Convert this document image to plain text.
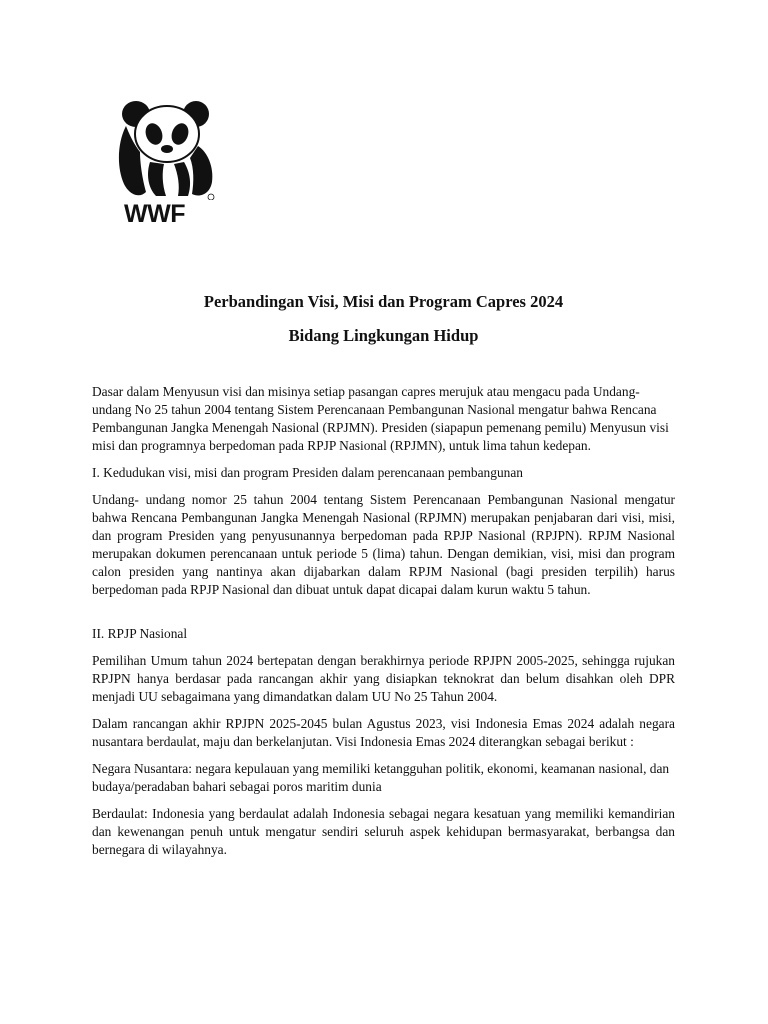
WWF
Perbandingan Visi, Misi dan Program Capres 2024
Bidang Lingkungan Hidup

Dasar dalam Menyusun visi dan misinya setiap pasangan capres merujuk atau mengacu pada Undang-undang No 25 tahun 2004 tentang Sistem Perencanaan Pembangunan Nasional mengatur bahwa Rencana Pembangunan Jangka Menengah Nasional (RPJMN). Presiden (siapapun pemenang pemilu) Menyusun visi misi dan programnya berpedoman pada RPJP Nasional (RPJMN), untuk lima tahun kedepan.

I. Kedudukan visi, misi dan program Presiden dalam perencanaan pembangunan

Undang- undang nomor 25 tahun 2004 tentang Sistem Perencanaan Pembangunan Nasional mengatur bahwa Rencana Pembangunan Jangka Menengah Nasional (RPJMN) merupakan penjabaran dari visi, misi, dan program Presiden yang penyusunannya berpedoman pada RPJP Nasional (RPJPN). RPJM Nasional merupakan dokumen perencanaan untuk periode 5 (lima) tahun. Dengan demikian, visi, misi dan program calon presiden yang nantinya akan dijabarkan dalam RPJM Nasional (bagi presiden terpilih) harus berpedoman pada RPJP Nasional dan dibuat untuk dapat dicapai dalam kurun waktu 5 tahun.

II. RPJP Nasional

Pemilihan Umum tahun 2024 bertepatan dengan berakhirnya periode RPJPN 2005-2025, sehingga rujukan RPJPN hanya berdasar pada rancangan akhir yang disiapkan teknokrat dan belum disahkan oleh DPR menjadi UU sebagaimana yang dimandatkan dalam UU No 25 Tahun 2004.

Dalam rancangan akhir RPJPN 2025-2045 bulan Agustus 2023, visi Indonesia Emas 2024 adalah negara nusantara berdaulat, maju dan berkelanjutan. Visi Indonesia Emas 2024 diterangkan sebagai berikut :

Negara Nusantara: negara kepulauan yang memiliki ketangguhan politik, ekonomi, keamanan nasional, dan budaya/peradaban bahari sebagai poros maritim dunia

Berdaulat: Indonesia yang berdaulat adalah Indonesia sebagai negara kesatuan yang memiliki kemandirian dan kewenangan penuh untuk mengatur sendiri seluruh aspek kehidupan bermasyarakat, berbangsa dan bernegara di wilayahnya.
